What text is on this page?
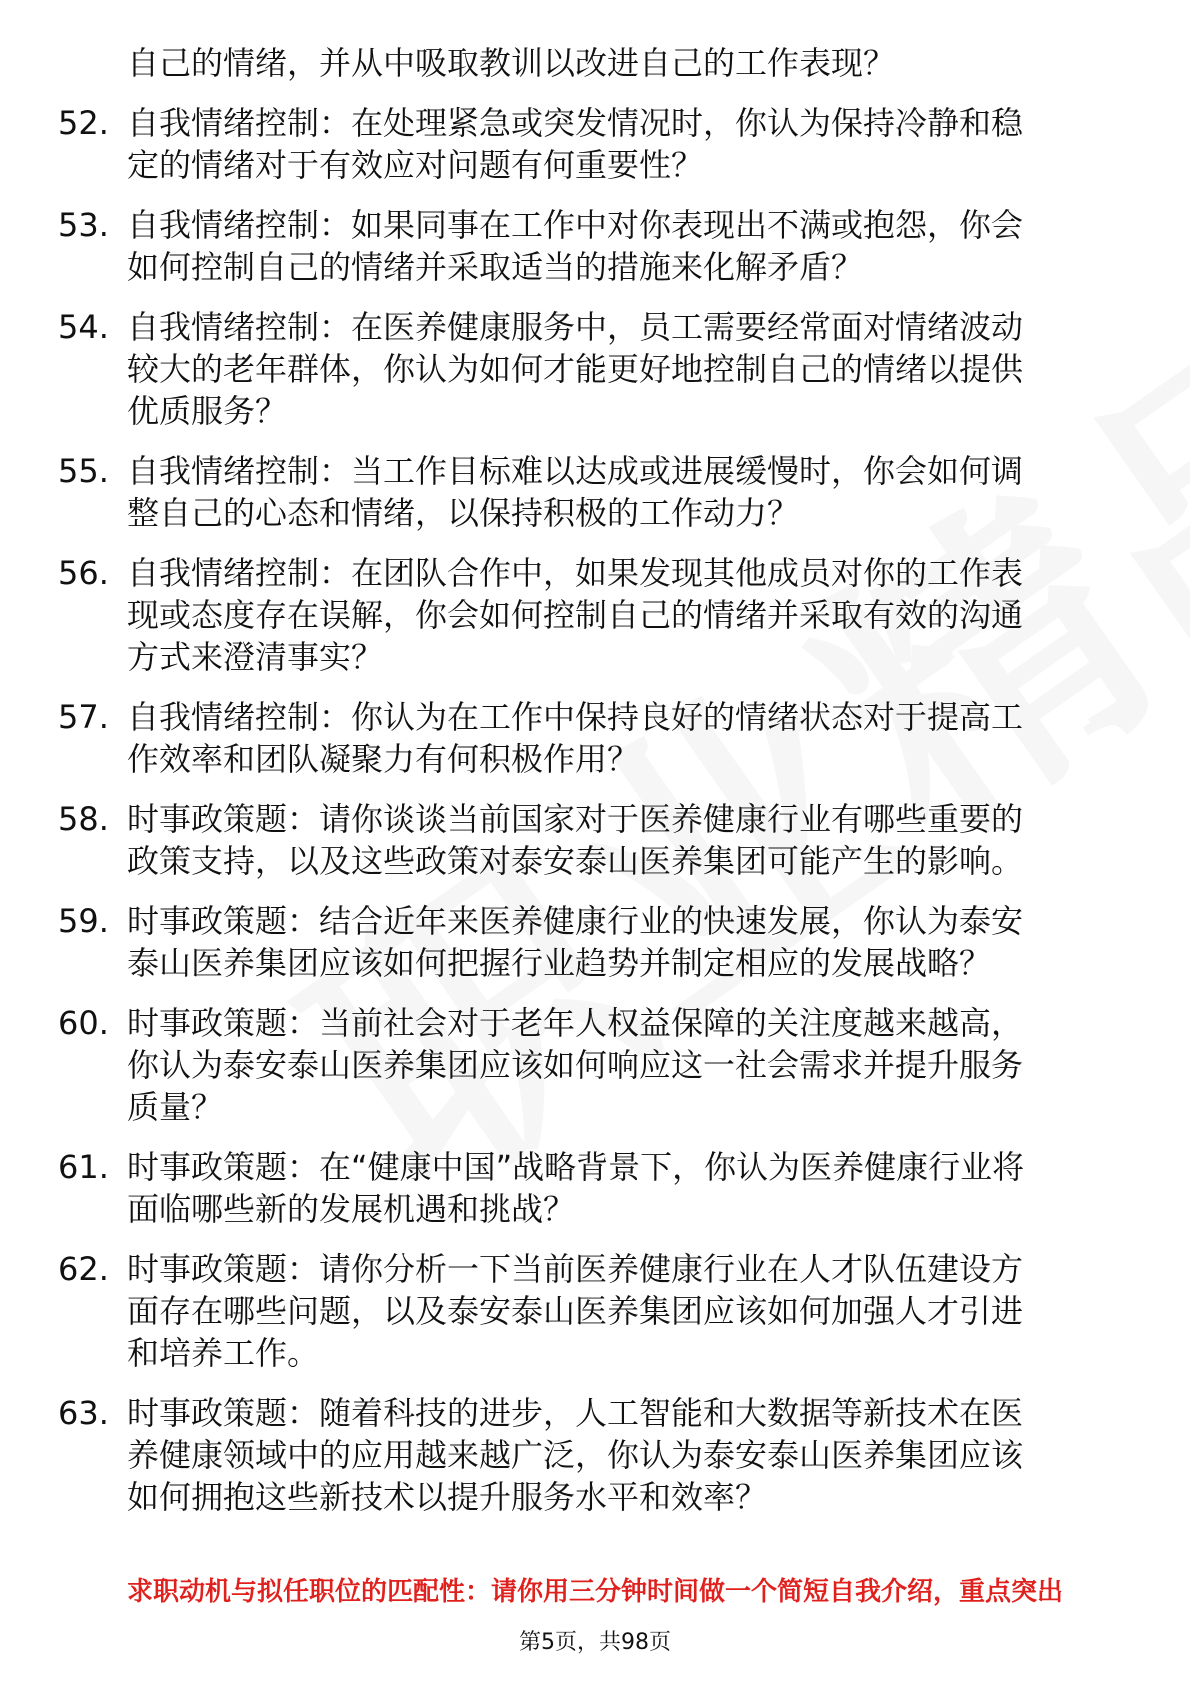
自己的情绪，并从中吸取教训以改进自己的工作表现？
52. 自我情绪控制：在处理紧急或突发情况时，你认为保持冷静和稳
定的情绪对于有效应对问题有何重要性？
53. 自我情绪控制：如果同事在工作中对你表现出不满或抱怨，你会
如何控制自己的情绪并采取适当的措施来化解矛盾？
54. 自我情绪控制：在医养健康服务中，员工需要经常面对情绪波动
较大的老年群体，你认为如何才能更好地控制自己的情绪以提供
优质服务？
55. 自我情绪控制：当工作目标难以达成或进展缓慢时，你会如何调
整自己的心态和情绪，以保持积极的工作动力？
56. 自我情绪控制：在团队合作中，如果发现其他成员对你的工作表
现或态度存在误解，你会如何控制自己的情绪并采取有效的沟通
方式来澄清事实？
57. 自我情绪控制：你认为在工作中保持良好的情绪状态对于提高工
作效率和团队凝聚力有何积极作用？
58. 时事政策题：请你谈谈当前国家对于医养健康行业有哪些重要的
政策支持，以及这些政策对泰安泰山医养集团可能产生的影响。
59. 时事政策题：结合近年来医养健康行业的快速发展，你认为泰安
泰山医养集团应该如何把握行业趋势并制定相应的发展战略？
60. 时事政策题：当前社会对于老年人权益保障的关注度越来越高，
你认为泰安泰山医养集团应该如何响应这一社会需求并提升服务
质量？
61. 时事政策题：在“健康中国”战略背景下，你认为医养健康行业将
面临哪些新的发展机遇和挑战？
62. 时事政策题：请你分析一下当前医养健康行业在人才队伍建设方
面存在哪些问题，以及泰安泰山医养集团应该如何加强人才引进
和培养工作。
63. 时事政策题：随着科技的进步，人工智能和大数据等新技术在医
养健康领域中的应用越来越广泛，你认为泰安泰山医养集团应该
如何拥抱这些新技术以提升服务水平和效率？
求职动机与拟任职位的匹配性：请你用三分钟时间做一个简短自我介绍，重点突出
第5页，共98页
